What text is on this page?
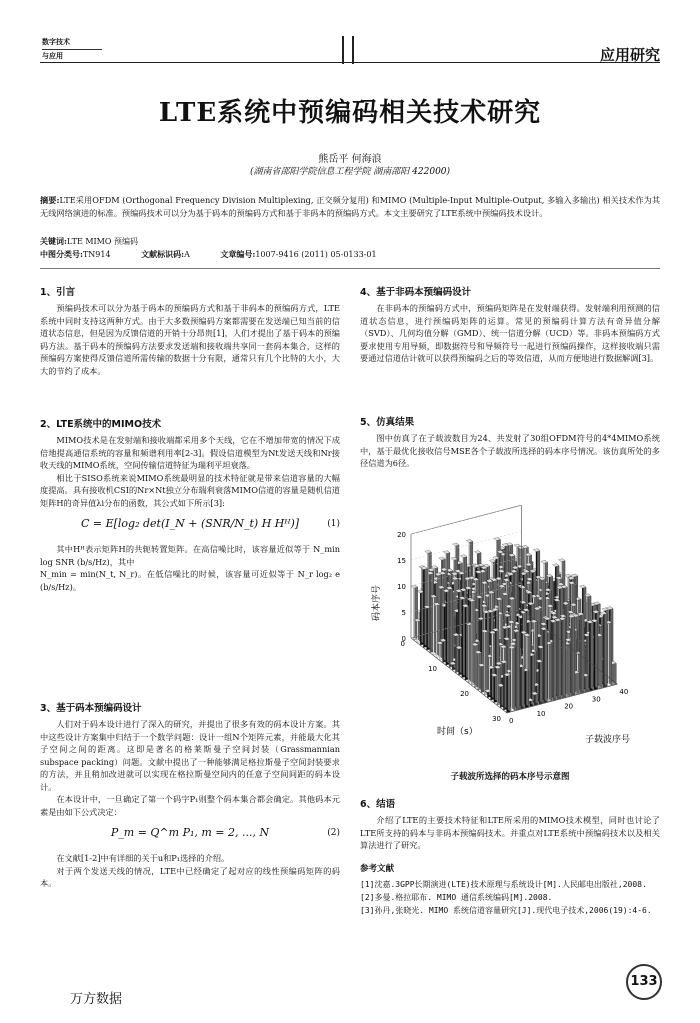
数字技术
与应用	应用研究
LTE系统中预编码相关技术研究
熊岳平 何海浪
(湖南省邵阳学院信息工程学院 湖南邵阳 422000)
摘要:LTE采用OFDM (Orthogonal Frequency Division Multiplexing, 正交频分复用) 和MIMO (Multiple-Input Multiple-Output, 多输入多输出) 相关技术作为其无线网络演进的标准。预编码技术可以分为基于码本的预编码方式和基于非码本的预编码方式。本文主要研究了LTE系统中预编码技术设计。
关键词:LTE MIMO 预编码
中图分类号:TN914	文献标识码:A	文章编号:1007-9416 (2011) 05-0133-01
1、引言
预编码技术可以分为基于码本的预编码方式和基于非码本的预编码方式，LTE系统中同时支持这两种方式。由于大多数预编码方案都需要在发送端已知当前的信道状态信息，但是因为反馈信道的开销十分昂贵[1]，人们才提出了基于码本的预编码方法。基于码本的预编码方法要求发送端和接收端共享同一套码本集合，这样的预编码方案使得反馈信道所需传输的数据十分有限，通常只有几个比特的大小，大大的节约了成本。
2、LTE系统中的MIMO技术
MIMO技术是在发射端和接收端都采用多个天线，它在不增加带宽的情况下成倍地提高通信系统的容量和频谱利用率[2-3]。假设信道模型为Nt发送天线和Nr接收天线的MIMO系统，空间传输信道特征为瑞利平坦衰落。
相比于SISO系统来说MIMO系统最明显的技术特征就是带来信道容量的大幅度提高。具有接收机CSI的Nr×Nt独立分布瑞利衰落MIMO信道的容量是随机信道矩阵H的奇异值λi分布的函数，其公式如下所示[3]:
C = E[log₂ det(I_N + (SNR/N_t) H Hᴴ)]	(1)
其中Hᴴ表示矩阵H的共轭转置矩阵。在高信噪比时，该容量近似等于 N_min log SNR (b/s/Hz)，其中
N_min = min(N_t, N_r)。在低信噪比的时候，该容量可近似等于 N_r log₂ e (b/s/Hz)。
3、基于码本预编码设计
人们对于码本设计进行了深入的研究，并提出了很多有效的码本设计方案。其中这些设计方案集中归结于一个数学问题：设计一组N个矩阵元素，并能最大化其子空间之间的距离。这即是著名的格莱斯曼子空间封装（Grassmannian subspace packing）问题。文献中提出了一种能够满足格拉斯曼子空间封装要求的方法，并且稍加改进就可以实现在格拉斯曼空间内的任意子空间间距的码本设计。
在本设计中，一旦确定了第一个码字P₁则整个码本集合都会确定。其他码本元素是由如下公式决定：
P_m = Q^m P₁, m = 2, ..., N	(2)
在文献[1-2]中有详细的关于u和P₁选择的介绍。
对于两个发送天线的情况，LTE中已经确定了起对应的线性预编码矩阵的码本。
4、基于非码本预编码设计
在非码本的预编码方式中，预编码矩阵是在发射端获得。发射端利用预测的信道状态信息，进行预编码矩阵的运算。常见的预编码计算方法有奇异值分解（SVD）、几何均值分解（GMD）、统一信道分解（UCD）等。非码本预编码方式要求使用专用导频，即数据符号和导频符号一起进行预编码操作，这样接收端只需要通过信道估计就可以获得预编码之后的等效信道，从而方便地进行数据解调[3]。
5、仿真结果
图中仿真了在子载波数目为24、共发射了30组OFDM符号的4*4MIMO系统中，基于最优化接收信号MSE各个子载波所选择的码本序号情况。该仿真所处的多径信道为6径。
0
5
10
15
20
0
10
20
30 0
10
20
30
40
码本序号
时间（s）
子载波序号
子载波所选择的码本序号示意图
6、结语
介绍了LTE的主要技术特征和LTE所采用的MIMO技术模型，同时也讨论了LTE所支持的码本与非码本预编码技术。并重点对LTE系统中预编码技术以及相关算法进行了研究。
参考文献
[1]沈嘉.3GPP长期演进(LTE)技术原理与系统设计[M].人民邮电出版社,2008.
[2]多曼.格拉耶布. MIMO 通信系统编码[M].2008.
[3]孙丹,张晓光. MIMO 系统信道容量研究[J].现代电子技术,2006(19):4-6.
133
万方数据
